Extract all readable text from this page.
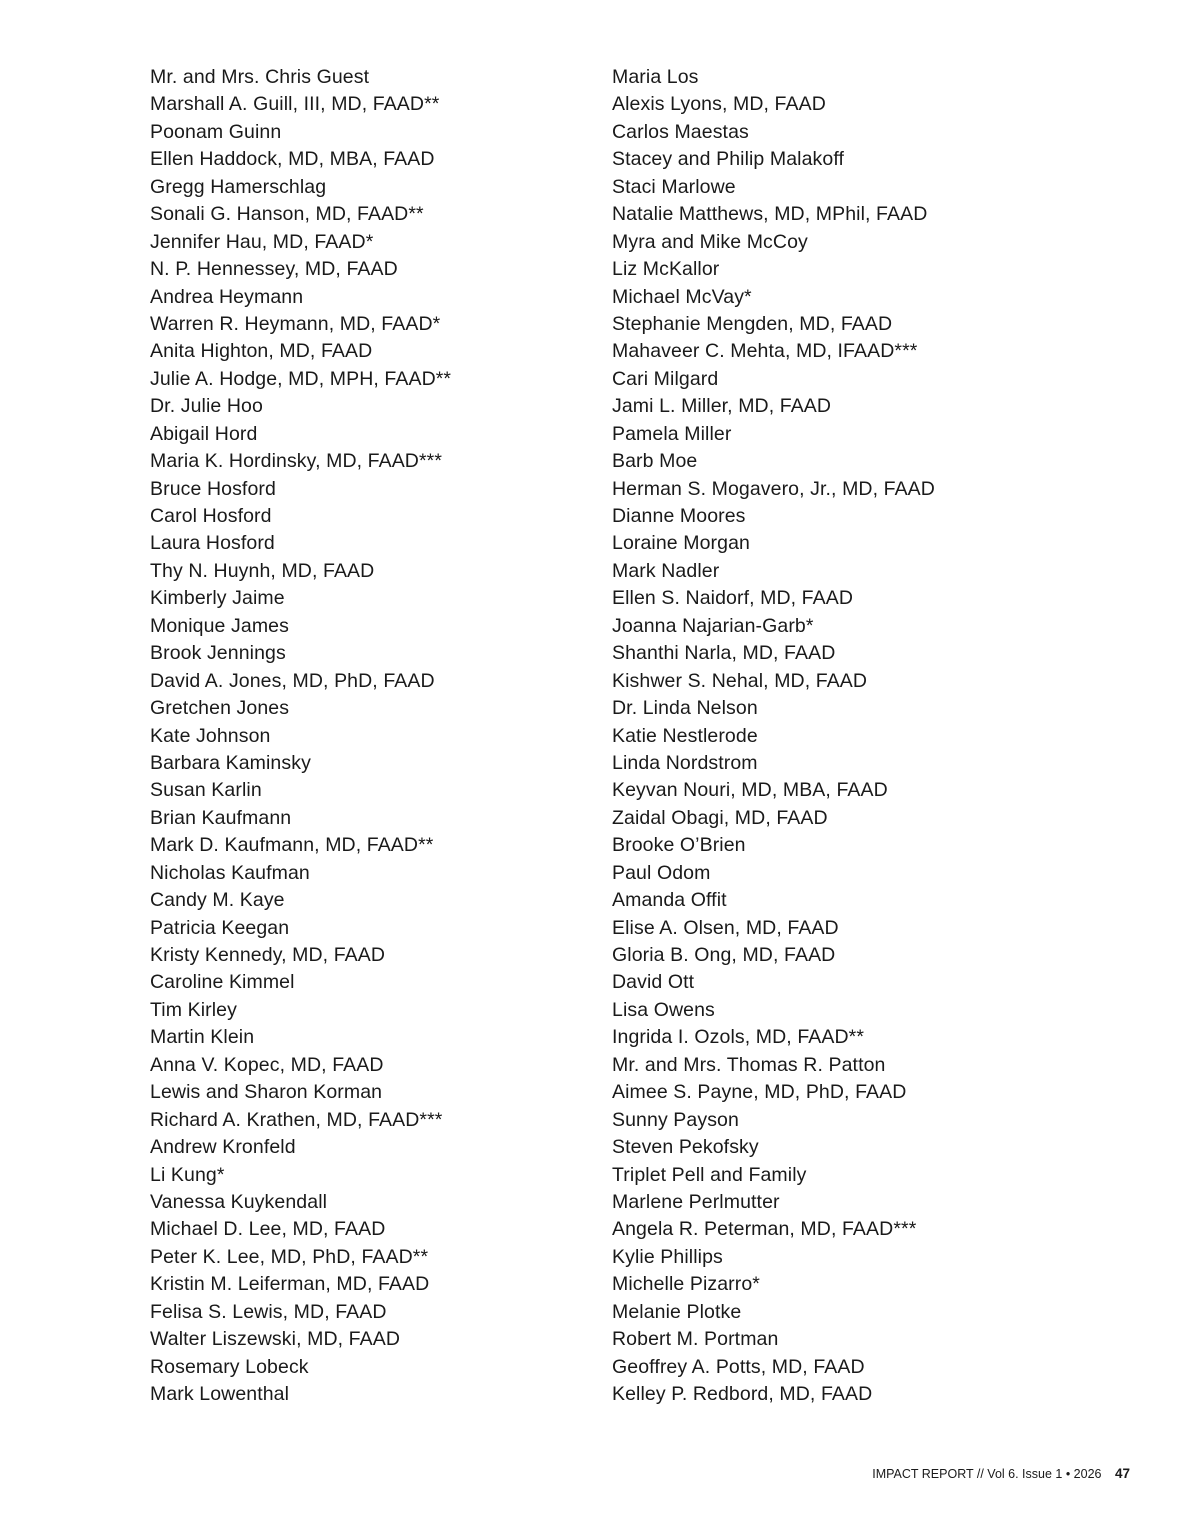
Mr. and Mrs. Chris Guest
Marshall A. Guill, III, MD, FAAD**
Poonam Guinn
Ellen Haddock, MD, MBA, FAAD
Gregg Hamerschlag
Sonali G. Hanson, MD, FAAD**
Jennifer Hau, MD, FAAD*
N. P. Hennessey, MD, FAAD
Andrea Heymann
Warren R. Heymann, MD, FAAD*
Anita Highton, MD, FAAD
Julie A. Hodge, MD, MPH, FAAD**
Dr. Julie Hoo
Abigail Hord
Maria K. Hordinsky, MD, FAAD***
Bruce Hosford
Carol Hosford
Laura Hosford
Thy N. Huynh, MD, FAAD
Kimberly Jaime
Monique James
Brook Jennings
David A. Jones, MD, PhD, FAAD
Gretchen Jones
Kate Johnson
Barbara Kaminsky
Susan Karlin
Brian Kaufmann
Mark D. Kaufmann, MD, FAAD**
Nicholas Kaufman
Candy M. Kaye
Patricia Keegan
Kristy Kennedy, MD, FAAD
Caroline Kimmel
Tim Kirley
Martin Klein
Anna V. Kopec, MD, FAAD
Lewis and Sharon Korman
Richard A. Krathen, MD, FAAD***
Andrew Kronfeld
Li Kung*
Vanessa Kuykendall
Michael D. Lee, MD, FAAD
Peter K. Lee, MD, PhD, FAAD**
Kristin M. Leiferman, MD, FAAD
Felisa S. Lewis, MD, FAAD
Walter Liszewski, MD, FAAD
Rosemary Lobeck
Mark Lowenthal
Maria Los
Alexis Lyons, MD, FAAD
Carlos Maestas
Stacey and Philip Malakoff
Staci Marlowe
Natalie Matthews, MD, MPhil, FAAD
Myra and Mike McCoy
Liz McKallor
Michael McVay*
Stephanie Mengden, MD, FAAD
Mahaveer C. Mehta, MD, IFAAD***
Cari Milgard
Jami L. Miller, MD, FAAD
Pamela Miller
Barb Moe
Herman S. Mogavero, Jr., MD, FAAD
Dianne Moores
Loraine Morgan
Mark Nadler
Ellen S. Naidorf, MD, FAAD
Joanna Najarian-Garb*
Shanthi Narla, MD, FAAD
Kishwer S. Nehal, MD, FAAD
Dr. Linda Nelson
Katie Nestlerode
Linda Nordstrom
Keyvan Nouri, MD, MBA, FAAD
Zaidal Obagi, MD, FAAD
Brooke O’Brien
Paul Odom
Amanda Offit
Elise A. Olsen, MD, FAAD
Gloria B. Ong, MD, FAAD
David Ott
Lisa Owens
Ingrida I. Ozols, MD, FAAD**
Mr. and Mrs. Thomas R. Patton
Aimee S. Payne, MD, PhD, FAAD
Sunny Payson
Steven Pekofsky
Triplet Pell and Family
Marlene Perlmutter
Angela R. Peterman, MD, FAAD***
Kylie Phillips
Michelle Pizarro*
Melanie Plotke
Robert M. Portman
Geoffrey A. Potts, MD, FAAD
Kelley P. Redbord, MD, FAAD
IMPACT REPORT // Vol 6. Issue 1 • 2026 47
